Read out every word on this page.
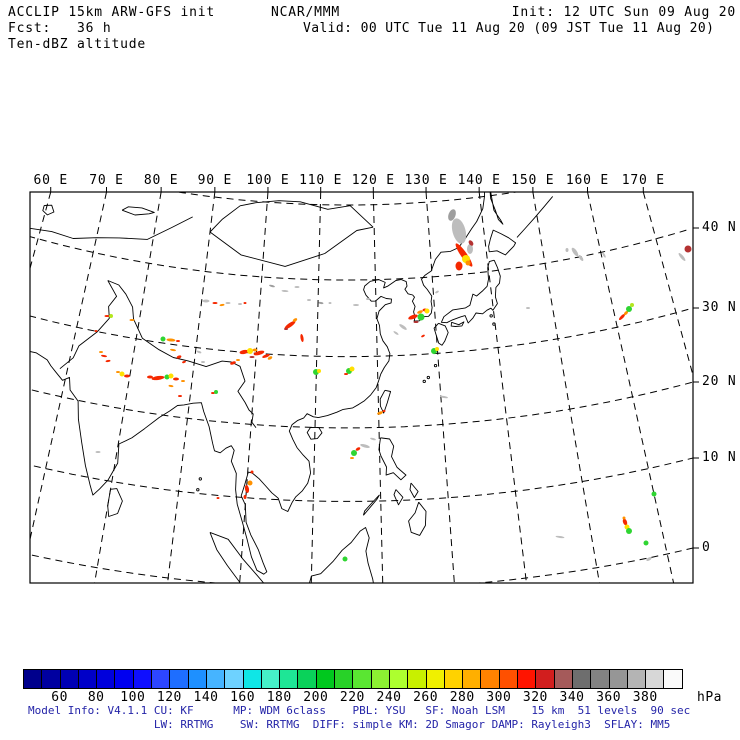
ACCLIP 15km ARW-GFS init	NCAR/MMM	Init: 12 UTC Sun 09 Aug 20
Fcst:   36 h	Valid: 00 UTC Tue 11 Aug 20 (09 JST Tue 11 Aug 20)
Ten-dBZ altitude
60 E	70 E	80 E	90 E	100 E 110 E 120 E 130 E 140 E 150 E 160 E 170 E
40 N
30 N
20 N
10 N
0
60	80	100 120 140 160 180 200 220 240 260 280 300 320 340 360 380	hPa
Model Info: V4.1.1 CU: KF      MP: WDM 6class    PBL: YSU   SF: Noah LSM    15 km  51 levels  90 sec
LW: RRTMG    SW: RRTMG  DIFF: simple KM: 2D Smagor DAMP: Rayleigh3  SFLAY: MM5
